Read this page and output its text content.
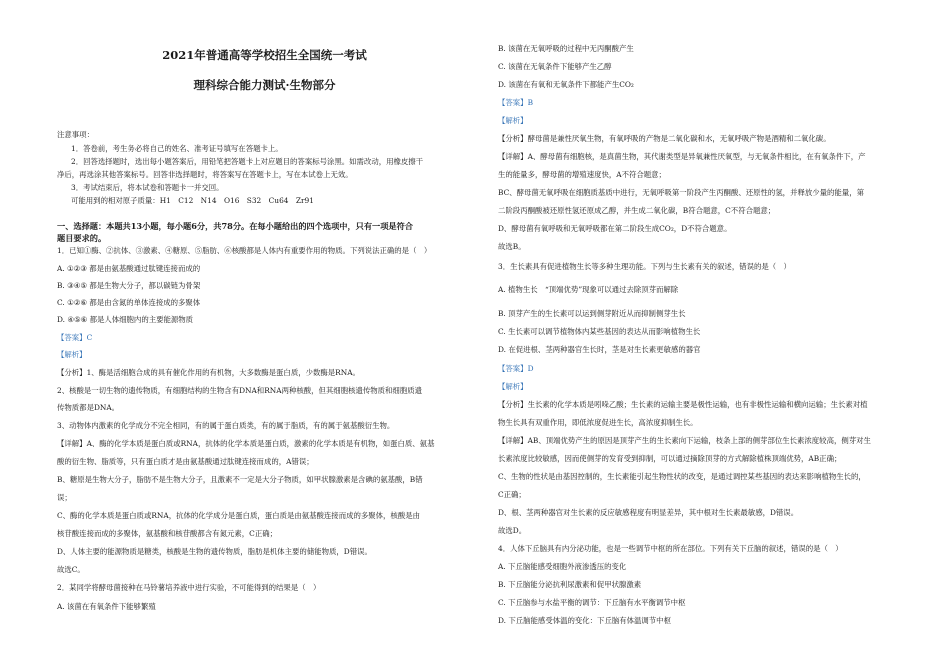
2021年普通高等学校招生全国统一考试
理科综合能力测试·生物部分
注意事项：
1．答卷前，考生务必将自己的姓名、准考证号填写在答题卡上。
2．回答选择题时，选出每小题答案后，用铅笔把答题卡上对应题目的答案标号涂黑。如需改动，用橡皮擦干
净后，再选涂其他答案标号。回答非选择题时，将答案写在答题卡上，写在本试卷上无效。
3．考试结束后，将本试卷和答题卡一并交回。
可能用到的相对原子质量：H1　C12　N14　O16　S32　Cu64　Zr91
一、选择题：本题共13小题，每小题6分，共78分。在每小题给出的四个选项中，只有一项是符合
题目要求的。
1．已知①酶、②抗体、③激素、④糖原、⑤脂肪、⑥核酸都是人体内有重要作用的物质。下列说法正确的是（　）
A. ①②③ 都是由氨基酸通过肽键连接而成的
B. ③④⑤ 都是生物大分子，都以碳链为骨架
C. ①②⑥ 都是由含氮的单体连接成的多聚体
D. ④⑤⑥ 都是人体细胞内的主要能源物质
【答案】C
【解析】
【分析】1、酶是活细胞合成的具有催化作用的有机物，大多数酶是蛋白质，少数酶是RNA。
2、核酸是一切生物的遗传物质，有细胞结构的生物含有DNA和RNA两种核酸，但其细胞核遗传物质和细胞质遗
传物质都是DNA。
3、动物体内激素的化学成分不完全相同，有的属于蛋白质类，有的属于脂质，有的属于氨基酸衍生物。
【详解】A、酶的化学本质是蛋白质或RNA，抗体的化学本质是蛋白质，激素的化学本质是有机物，如蛋白质、氨基
酸的衍生物、脂质等，只有蛋白质才是由氨基酸通过肽键连接而成的，A错误；
B、糖原是生物大分子，脂肪不是生物大分子，且激素不一定是大分子物质，如甲状腺激素是含碘的氨基酸，B错
误；
C、酶的化学本质是蛋白质或RNA，抗体的化学成分是蛋白质，蛋白质是由氨基酸连接而成的多聚体，核酸是由
核苷酸连接而成的多聚体，氨基酸和核苷酸都含有氮元素，C正确；
D、人体主要的能源物质是糖类，核酸是生物的遗传物质，脂肪是机体主要的储能物质，D错误。
故选C。
2．某同学将酵母菌接种在马铃薯培养液中进行实验，不可能得到的结果是（　）
A. 该菌在有氧条件下能够繁殖
B. 该菌在无氧呼吸的过程中无丙酮酸产生
C. 该菌在无氧条件下能够产生乙醇
D. 该菌在有氧和无氧条件下都能产生CO₂
【答案】B
【解析】
【分析】酵母菌是兼性厌氧生物，有氧呼吸的产物是二氧化碳和水，无氧呼吸产物是酒精和二氧化碳。
【详解】A、酵母菌有细胞核，是真菌生物，其代谢类型是异氧兼性厌氧型，与无氧条件相比，在有氧条件下，产
生的能量多，酵母菌的增殖速度快，A不符合题意；
BC、酵母菌无氧呼吸在细胞质基质中进行，无氧呼吸第一阶段产生丙酮酸、还原性的氢，并释放少量的能量，第
二阶段丙酮酸被还原性氢还原成乙醇，并生成二氧化碳，B符合题意，C不符合题意；
D、酵母菌有氧呼吸和无氧呼吸都在第二阶段生成CO₂，D不符合题意。
故选B。
3．生长素具有促进植物生长等多种生理功能。下列与生长素有关的叙述，错误的是（　）
A. 植物生长　“顶端优势”现象可以通过去除顶芽而解除
B. 顶芽产生的生长素可以运到侧芽附近从而抑制侧芽生长
C. 生长素可以调节植物体内某些基因的表达从而影响植物生长
D. 在促进根、茎两种器官生长时，茎是对生长素更敏感的器官
【答案】D
【解析】
【分析】生长素的化学本质是吲哚乙酸；生长素的运输主要是极性运输，也有非极性运输和横向运输；生长素对植
物生长具有双重作用，即低浓度促进生长，高浓度抑制生长。
【详解】AB、顶端优势产生的原因是顶芽产生的生长素向下运输，枝条上部的侧芽部位生长素浓度较高，侧芽对生
长素浓度比较敏感，因而使侧芽的发育受到抑制，可以通过摘除顶芽的方式解除植株顶端优势，AB正确；
C、生物的性状是由基因控制的，生长素能引起生物性状的改变，是通过调控某些基因的表达来影响植物生长的，
C正确；
D、根、茎两种器官对生长素的反应敏感程度有明显差异，其中根对生长素最敏感，D错误。
故选D。
4．人体下丘脑具有内分泌功能，也是一些调节中枢的所在部位。下列有关下丘脑的叙述，错误的是（　）
A. 下丘脑能感受细胞外液渗透压的变化
B. 下丘脑能分泌抗利尿激素和促甲状腺激素
C. 下丘脑参与水盐平衡的调节：下丘脑有水平衡调节中枢
D. 下丘脑能感受体温的变化：下丘脑有体温调节中枢
